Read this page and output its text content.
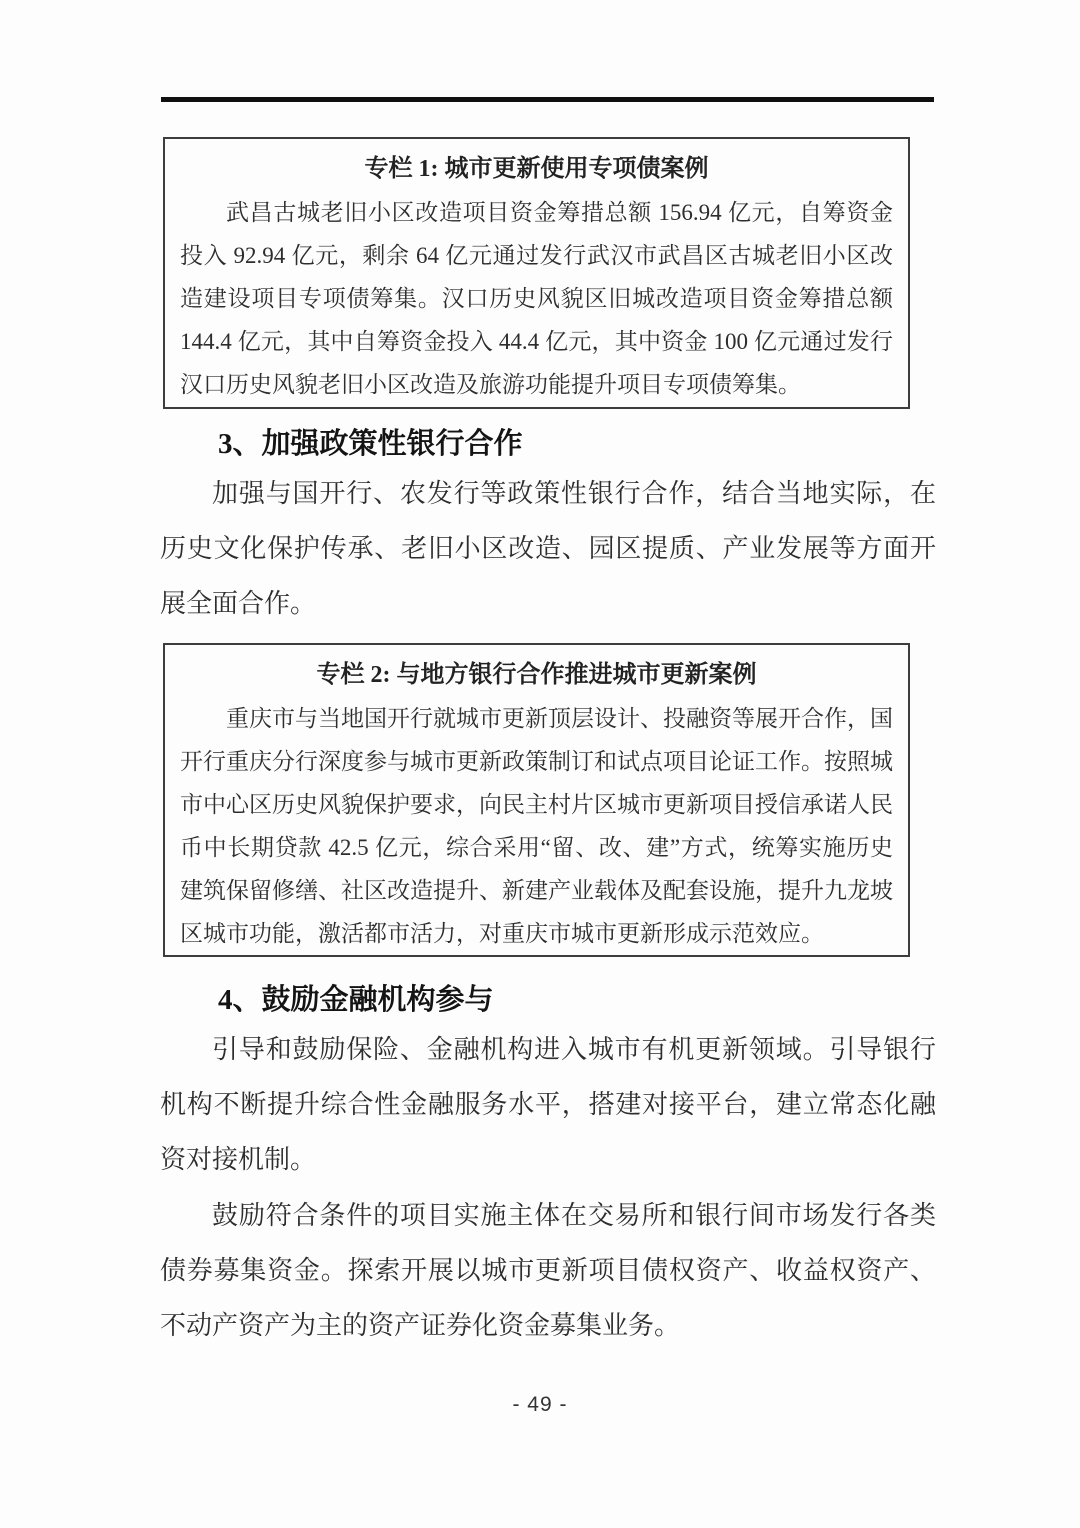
专栏 1: 城市更新使用专项债案例

武昌古城老旧小区改造项目资金筹措总额 156.94 亿元，自筹资金投入 92.94 亿元，剩余 64 亿元通过发行武汉市武昌区古城老旧小区改造建设项目专项债筹集。汉口历史风貌区旧城改造项目资金筹措总额 144.4 亿元，其中自筹资金投入 44.4 亿元，其中资金 100 亿元通过发行汉口历史风貌老旧小区改造及旅游功能提升项目专项债筹集。

3、加强政策性银行合作

加强与国开行、农发行等政策性银行合作，结合当地实际，在历史文化保护传承、老旧小区改造、园区提质、产业发展等方面开展全面合作。

专栏 2: 与地方银行合作推进城市更新案例

重庆市与当地国开行就城市更新顶层设计、投融资等展开合作，国开行重庆分行深度参与城市更新政策制订和试点项目论证工作。按照城市中心区历史风貌保护要求，向民主村片区城市更新项目授信承诺人民币中长期贷款 42.5 亿元，综合采用“留、改、建”方式，统筹实施历史建筑保留修缮、社区改造提升、新建产业载体及配套设施，提升九龙坡区城市功能，激活都市活力，对重庆市城市更新形成示范效应。

4、鼓励金融机构参与

引导和鼓励保险、金融机构进入城市有机更新领域。引导银行机构不断提升综合性金融服务水平，搭建对接平台，建立常态化融资对接机制。

鼓励符合条件的项目实施主体在交易所和银行间市场发行各类债券募集资金。探索开展以城市更新项目债权资产、收益权资产、不动产资产为主的资产证券化资金募集业务。

- 49 -
